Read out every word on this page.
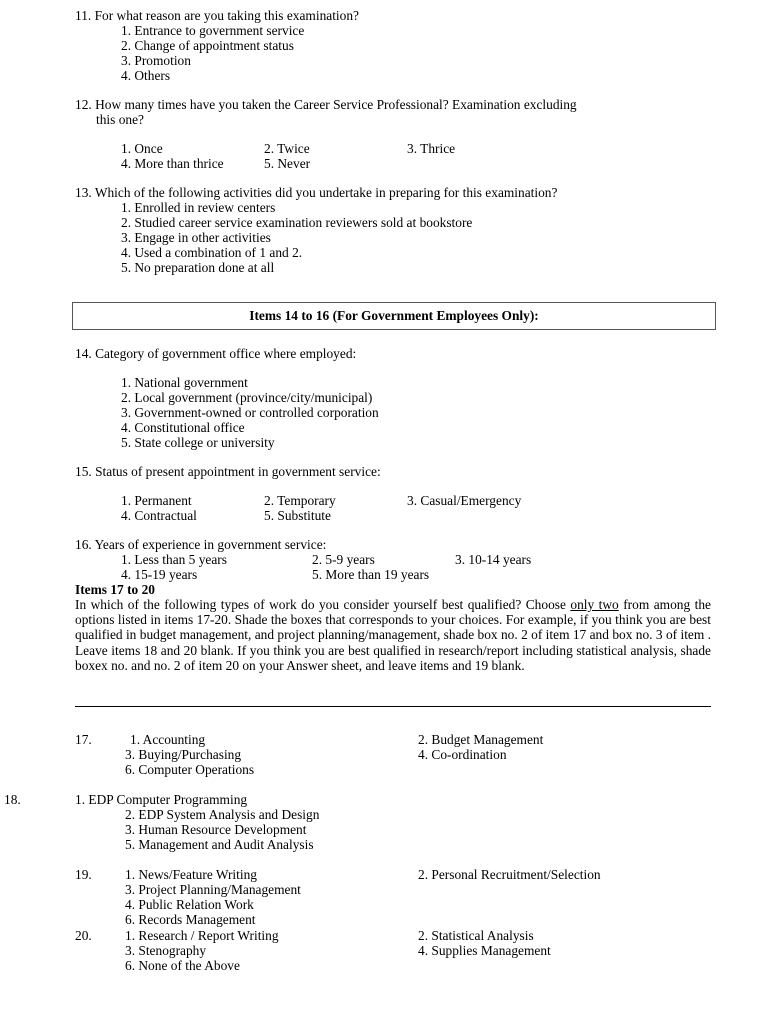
11. For what reason are you taking this examination?
1. Entrance to government service
2. Change of appointment status
3. Promotion
4. Others
12. How many times have you taken the Career Service Professional? Examination excluding
this one?
1. Once	2. Twice	3. Thrice
4. More than thrice	5. Never
13. Which of the following activities did you undertake in preparing for this examination?
1. Enrolled in review centers
2. Studied career service examination reviewers sold at bookstore
3. Engage in other activities
4. Used a combination of 1 and 2.
5. No preparation done at all
Items 14 to 16 (For Government Employees Only):
14. Category of government office where employed:
1. National government
2. Local government (province/city/municipal)
3. Government-owned or controlled corporation
4. Constitutional office
5. State college or university
15. Status of present appointment in government service:
1. Permanent	2. Temporary	3. Casual/Emergency
4. Contractual	5. Substitute
16. Years of experience in government service:
1. Less than 5 years	2. 5-9 years	3. 10-14 years
4. 15-19 years	5. More than 19 years
Items 17 to 20
In which of the following types of work do you consider yourself best qualified? Choose only two from among the options listed in items 17-20. Shade the boxes that corresponds to your choices. For example, if you think you are best qualified in budget management, and project planning/management, shade box no. 2 of item 17 and box no. 3 of item . Leave items 18 and 20 blank. If you think you are best qualified in research/report including statistical analysis, shade boxex no. and no. 2 of item 20 on your Answer sheet, and leave items and 19 blank.
17.	1. Accounting	2. Budget Management
3. Buying/Purchasing	4. Co-ordination
6. Computer Operations
18.	1. EDP Computer Programming
2. EDP System Analysis and Design
3. Human Resource Development
5. Management and Audit Analysis
19. 1. News/Feature Writing	2. Personal Recruitment/Selection
3. Project Planning/Management
4. Public Relation Work
6. Records Management
20. 1. Research / Report Writing	2. Statistical Analysis
3. Stenography	4. Supplies Management
6. None of the Above
